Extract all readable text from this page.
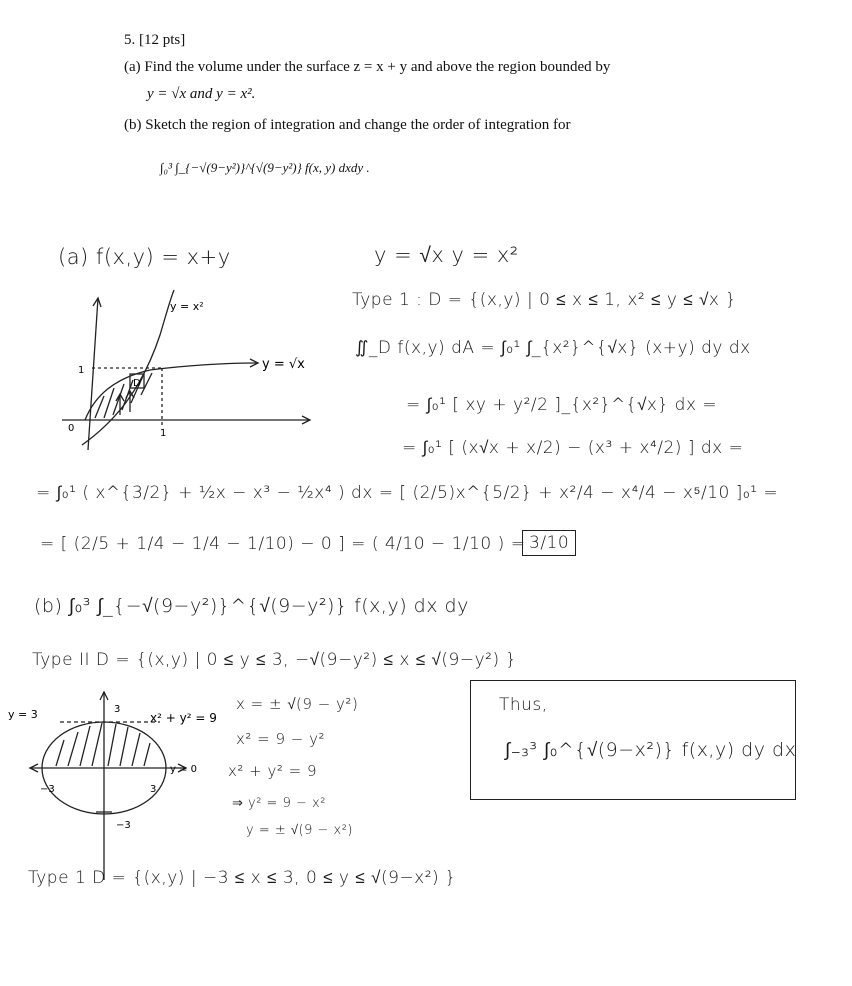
5. [12 pts]
(a) Find the volume under the surface z = x + y and above the region bounded by
y = √x and y = x².
(b) Sketch the region of integration and change the order of integration for
∫₀³ ∫_{−√(9−y²)}^{√(9−y²)} f(x, y) dxdy .
(a) f(x,y) = x+y	y = √x y = x²
Type 1 : D = {(x,y) | 0 ≤ x ≤ 1, x² ≤ y ≤ √x }
∬_D f(x,y) dA = ∫₀¹ ∫_{x²}^{√x} (x+y) dy dx
= ∫₀¹ [ xy + y²/2 ]_{x²}^{√x} dx =
= ∫₀¹ [ (x√x + x/2) − (x³ + x⁴/2) ] dx =
= ∫₀¹ ( x^{3/2} + ½x − x³ − ½x⁴ ) dx = [ (2/5)x^{5/2} + x²/4 − x⁴/4 − x⁵/10 ]₀¹ =
= [ (2/5 + 1/4 − 1/4 − 1/10) − 0 ] = ( 4/10 − 1/10 ) = 3/10
y = x²
y = √x
D
1
1
0
y = 3	3
x² + y² = 9
y = 0
−3	3
−3
(b) ∫₀³ ∫_{−√(9−y²)}^{√(9−y²)} f(x,y) dx dy
Type II D = {(x,y) | 0 ≤ y ≤ 3, −√(9−y²) ≤ x ≤ √(9−y²) }
x = ± √(9 − y²)
x² = 9 − y²
x² + y² = 9
⇒ y² = 9 − x²
y = ± √(9 − x²)
Thus,
∫₋₃³ ∫₀^{√(9−x²)} f(x,y) dy dx
Type 1 D = {(x,y) | −3 ≤ x ≤ 3, 0 ≤ y ≤ √(9−x²) }
